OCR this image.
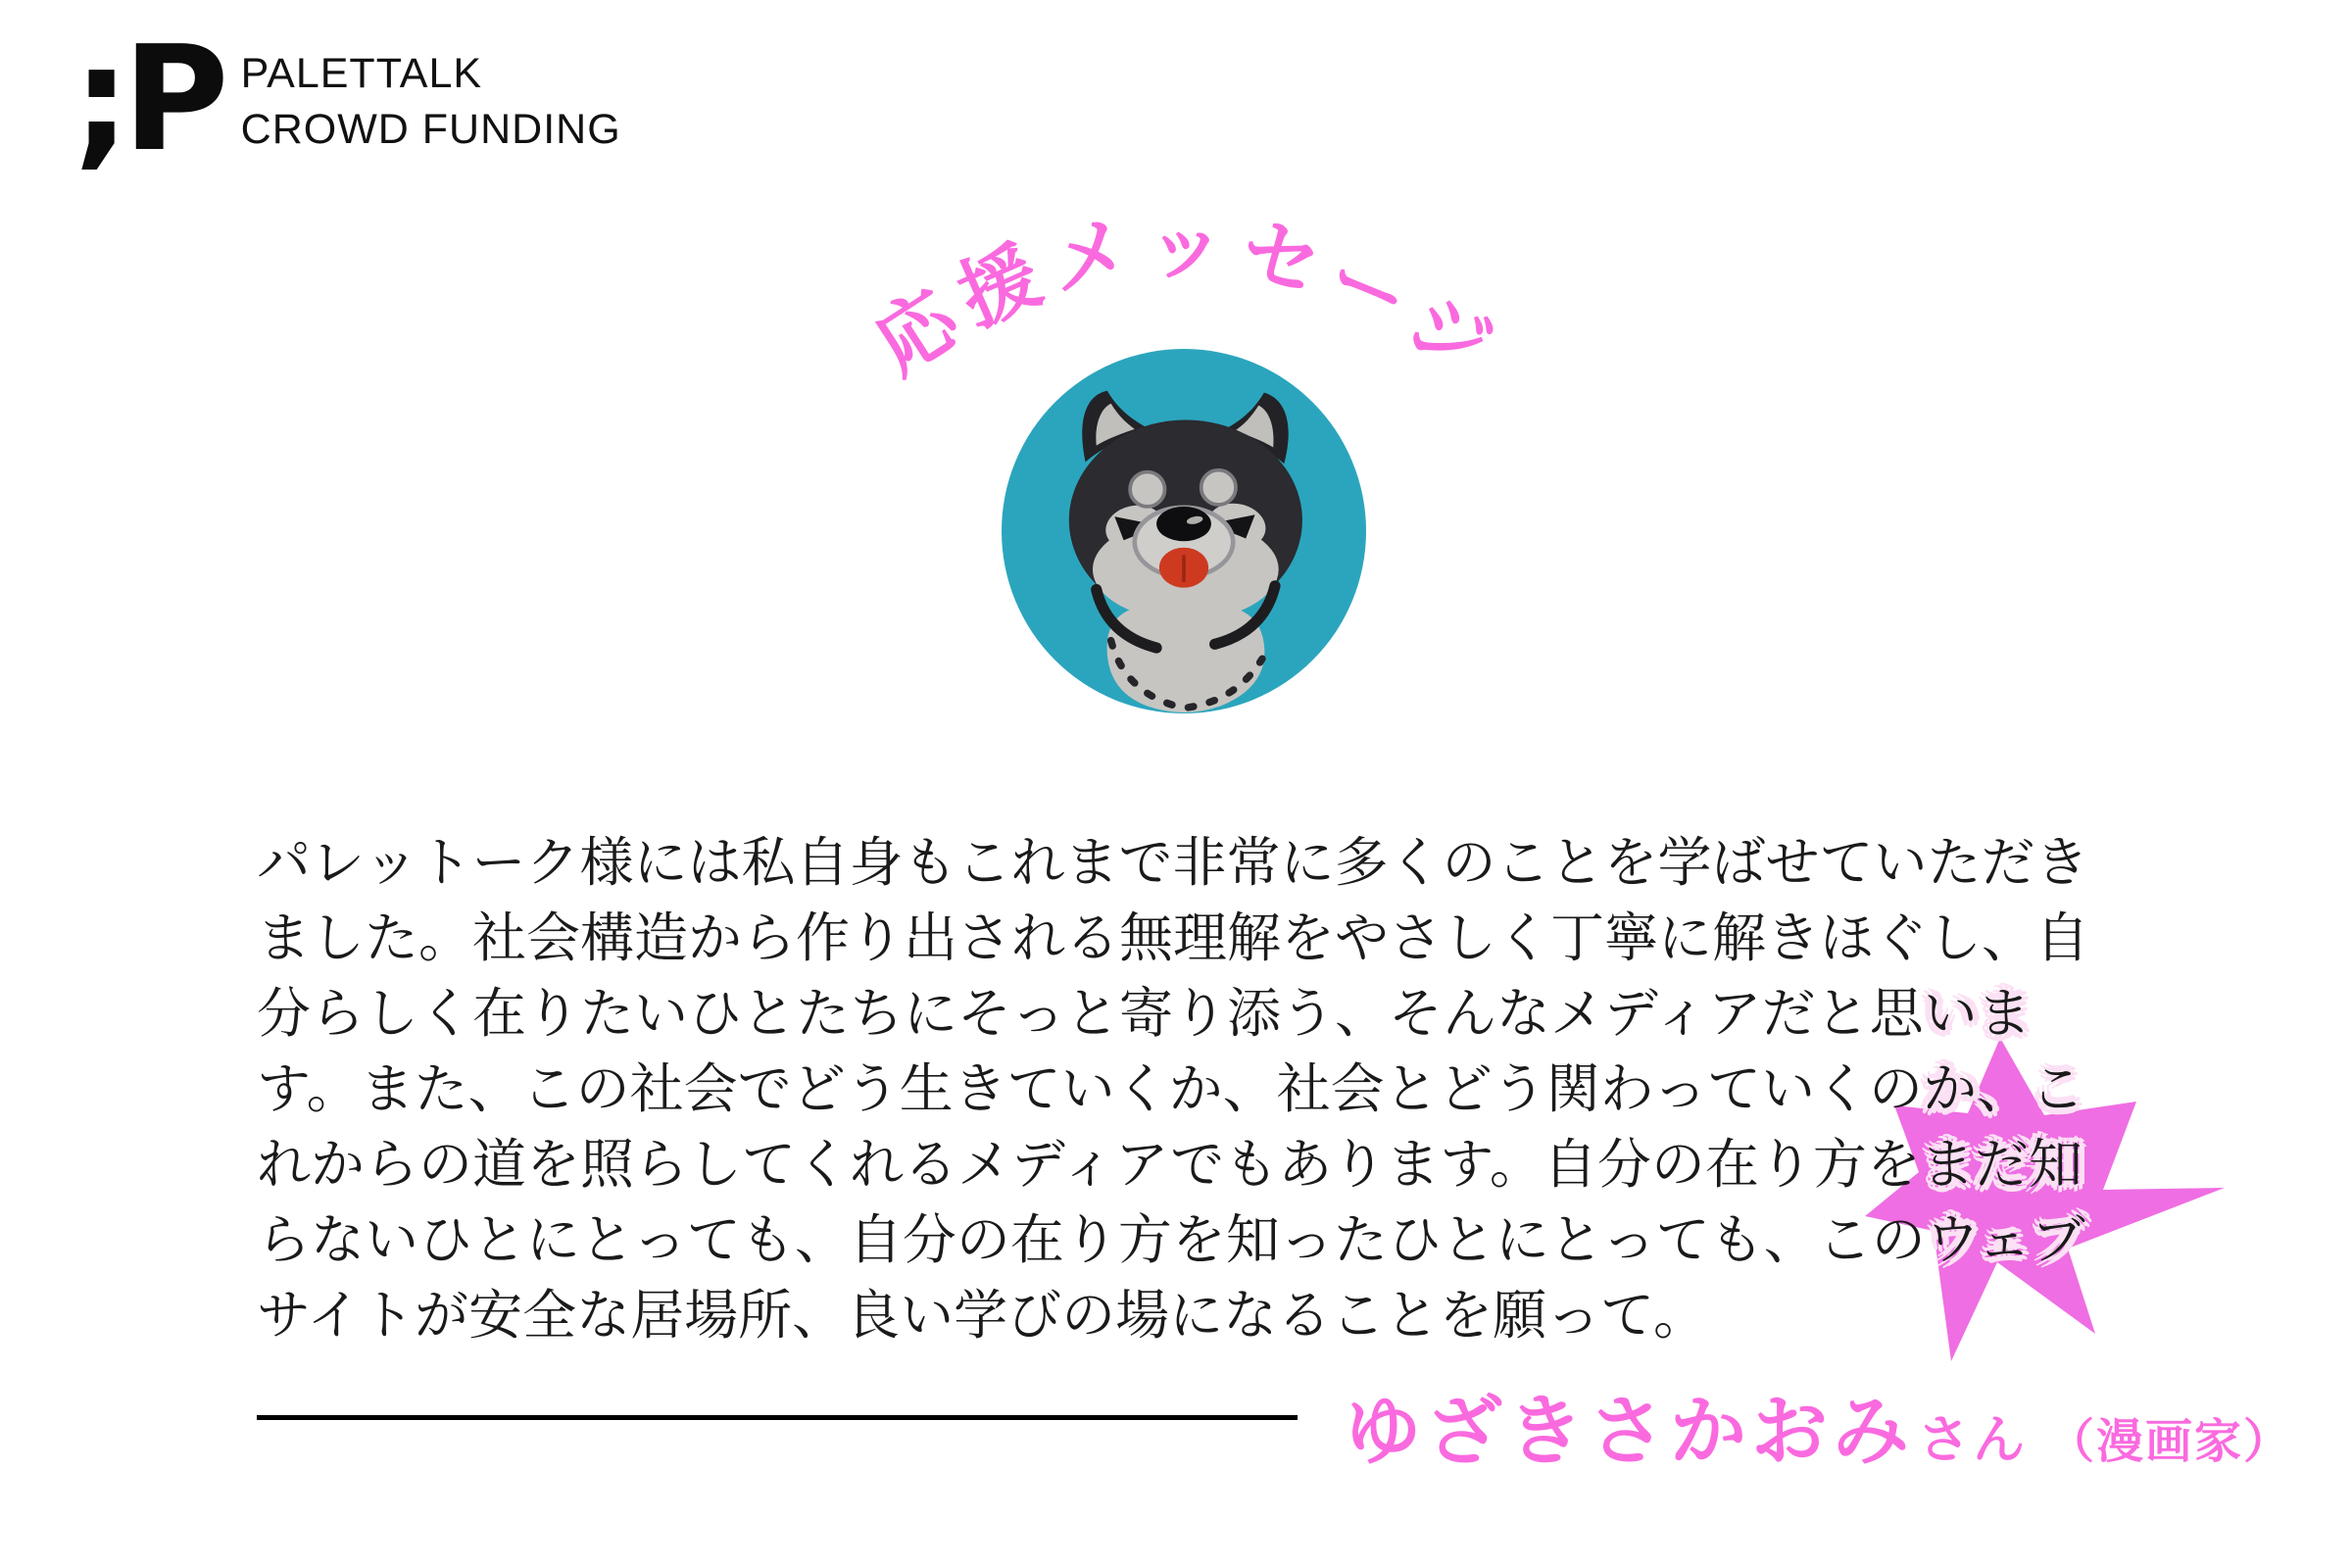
;P PALETTALK
CROWD FUNDING
応援メッセージ
パレットーク様には私自身もこれまで非常に多くのことを学ばせていただき
ました。社会構造から作り出される無理解をやさしく丁寧に解きほぐし、自
分らしく在りたいひとたちにそっと寄り添う、そんなメディアだと思いま
す。また、この社会でどう生きていくか、社会とどう関わっていくのか、こ
れからの道を照らしてくれるメディアでもあります。自分の在り方をまだ知
らないひとにとっても、自分の在り方を知ったひとにとっても、このウェブ
サイトが安全な居場所、良い学びの場になることを願って。
ゆざきさかおみ さん （漫画家）
